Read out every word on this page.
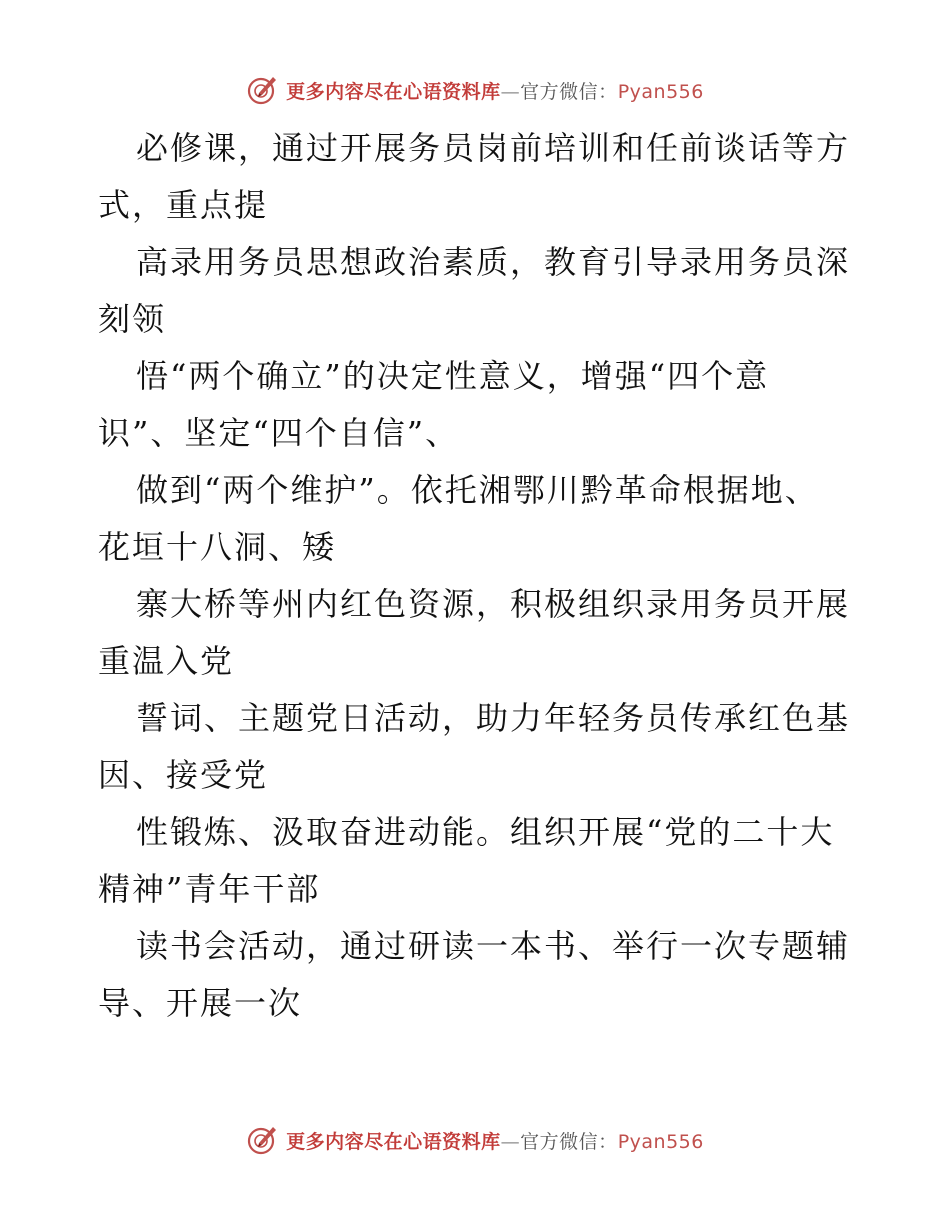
更多内容尽在心语资料库—官方微信：Pyan556
必修课，通过开展务员岗前培训和任前谈话等方
式，重点提
高录用务员思想政治素质，教育引导录用务员深
刻领
悟“两个确立”的决定性意义，增强“四个意
识”、坚定“四个自信”、
做到“两个维护”。依托湘鄂川黔革命根据地、
花垣十八洞、矮
寨大桥等州内红色资源，积极组织录用务员开展
重温入党
誓词、主题党日活动，助力年轻务员传承红色基
因、接受党
性锻炼、汲取奋进动能。组织开展“党的二十大
精神”青年干部
读书会活动，通过研读一本书、举行一次专题辅
导、开展一次
更多内容尽在心语资料库—官方微信：Pyan556
